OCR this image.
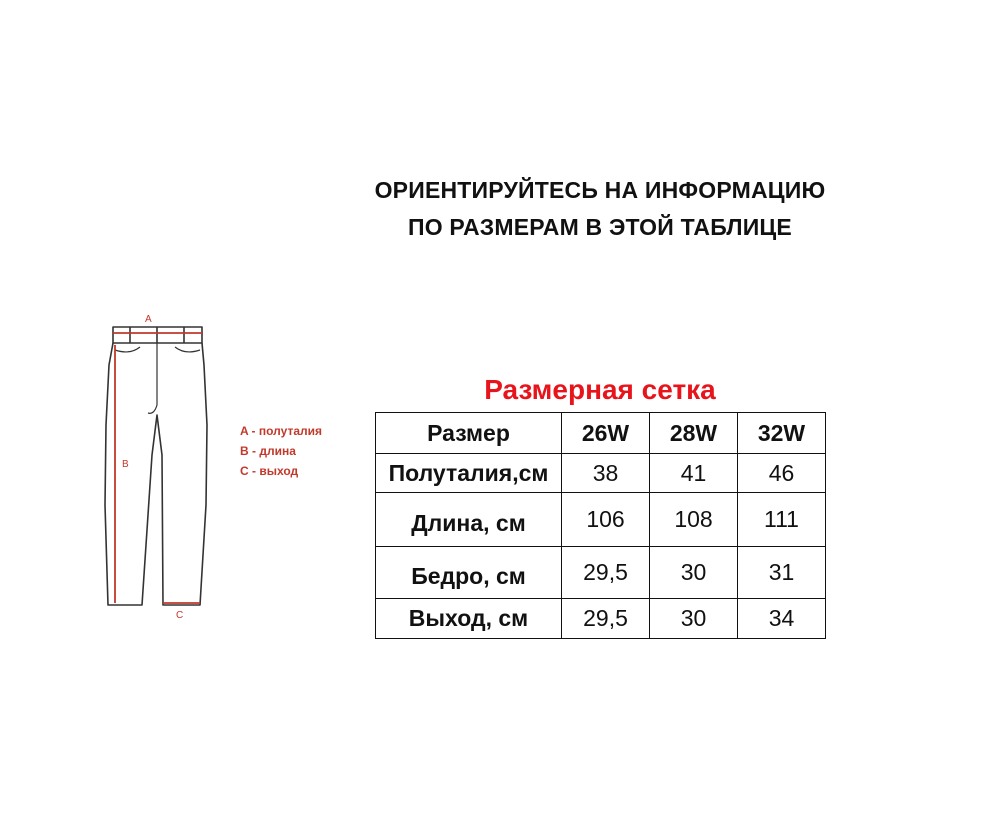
ОРИЕНТИРУЙТЕСЬ НА ИНФОРМАЦИЮ
ПО РАЗМЕРАМ В ЭТОЙ ТАБЛИЦЕ
A
B
C
A - полуталия
B - длина
C - выход
Размерная сетка
Размер	26W	28W	32W
Полуталия,см	38	41	46
Длина, см	106	108	111
Бедро, см	29,5	30	31
Выход, см	29,5	30	34
